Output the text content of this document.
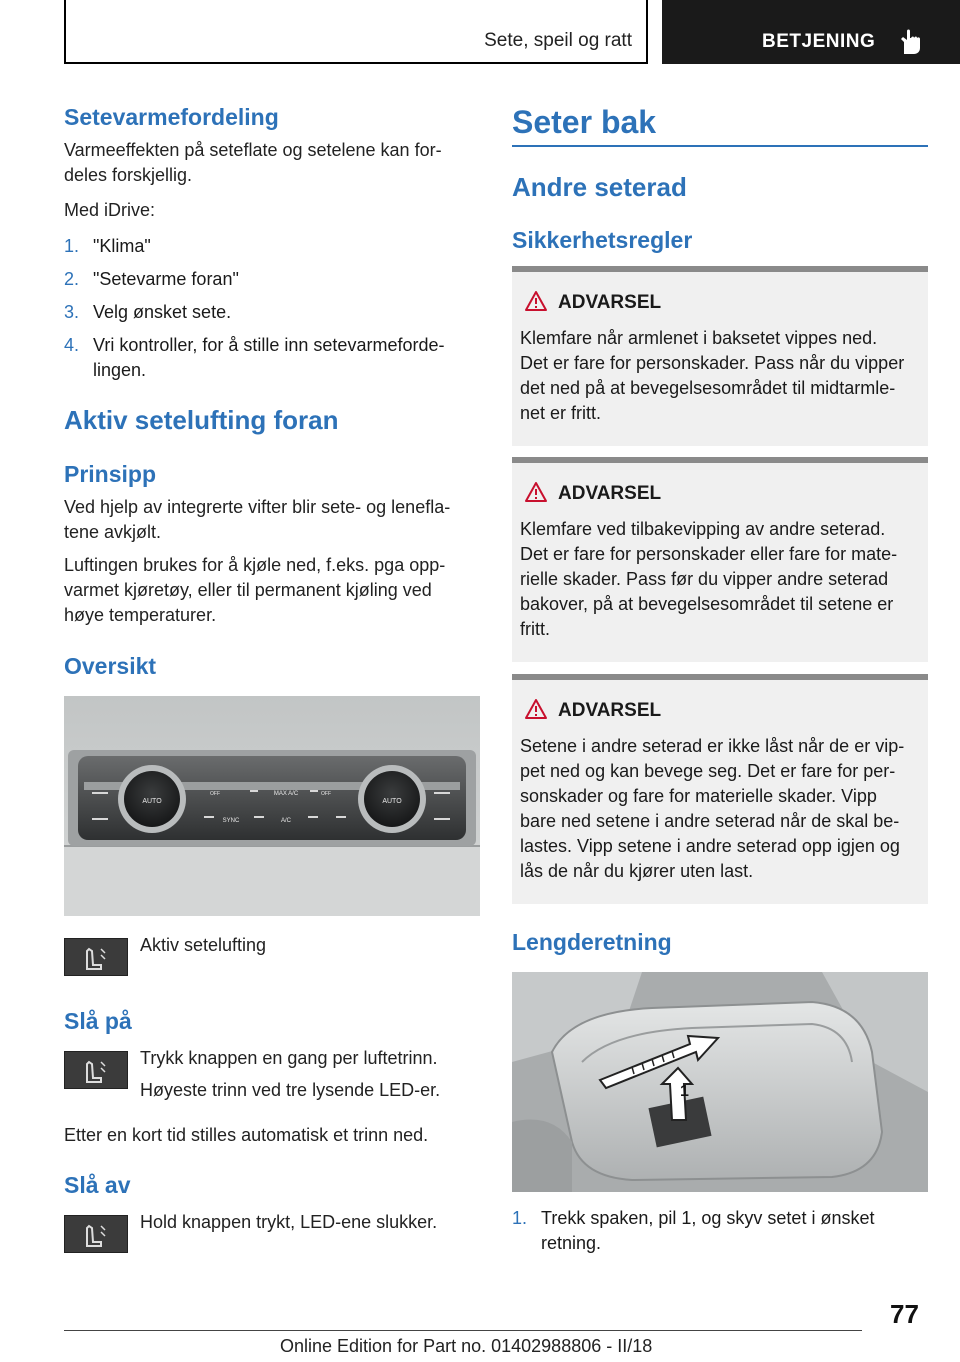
Sete, speil og ratt	BETJENING
Setevarmefordeling
Varmeeffekten på seteflate og setelene kan for-
deles forskjellig.
Med iDrive:
1. "Klima"
2. "Setevarme foran"
3. Velg ønsket sete.
4. Vri kontroller, for å stille inn setevarmeforde-
lingen.
Aktiv setelufting foran
Prinsipp
Ved hjelp av integrerte vifter blir sete- og lenefla-
tene avkjølt.
Luftingen brukes for å kjøle ned, f.eks. pga opp-
varmet kjøretøy, eller til permanent kjøling ved
høye temperaturer.
Oversikt
AUTO	AUTO
MAX A/C
SYNC	A/C
OFF	OFF
Aktiv setelufting
Slå på
Trykk knappen en gang per luftetrinn.
Høyeste trinn ved tre lysende LED-er.
Etter en kort tid stilles automatisk et trinn ned.
Slå av
Hold knappen trykt, LED-ene slukker.
Seter bak
Andre seterad
Sikkerhetsregler
ADVARSEL
Klemfare når armlenet i baksetet vippes ned.
Det er fare for personskader. Pass når du vipper
det ned på at bevegelsesområdet til midtarmle-
net er fritt.
ADVARSEL
Klemfare ved tilbakevipping av andre seterad.
Det er fare for personskader eller fare for mate-
rielle skader. Pass før du vipper andre seterad
bakover, på at bevegelsesområdet til setene er
fritt.
ADVARSEL
Setene i andre seterad er ikke låst når de er vip-
pet ned og kan bevege seg. Det er fare for per-
sonskader og fare for materielle skader. Vipp
bare ned setene i andre seterad når de skal be-
lastes. Vipp setene i andre seterad opp igjen og
lås de når du kjører uten last.
Lengderetning
1
1. Trekk spaken, pil 1, og skyv setet i ønsket
retning.
77
Online Edition for Part no. 01402988806 - II/18
